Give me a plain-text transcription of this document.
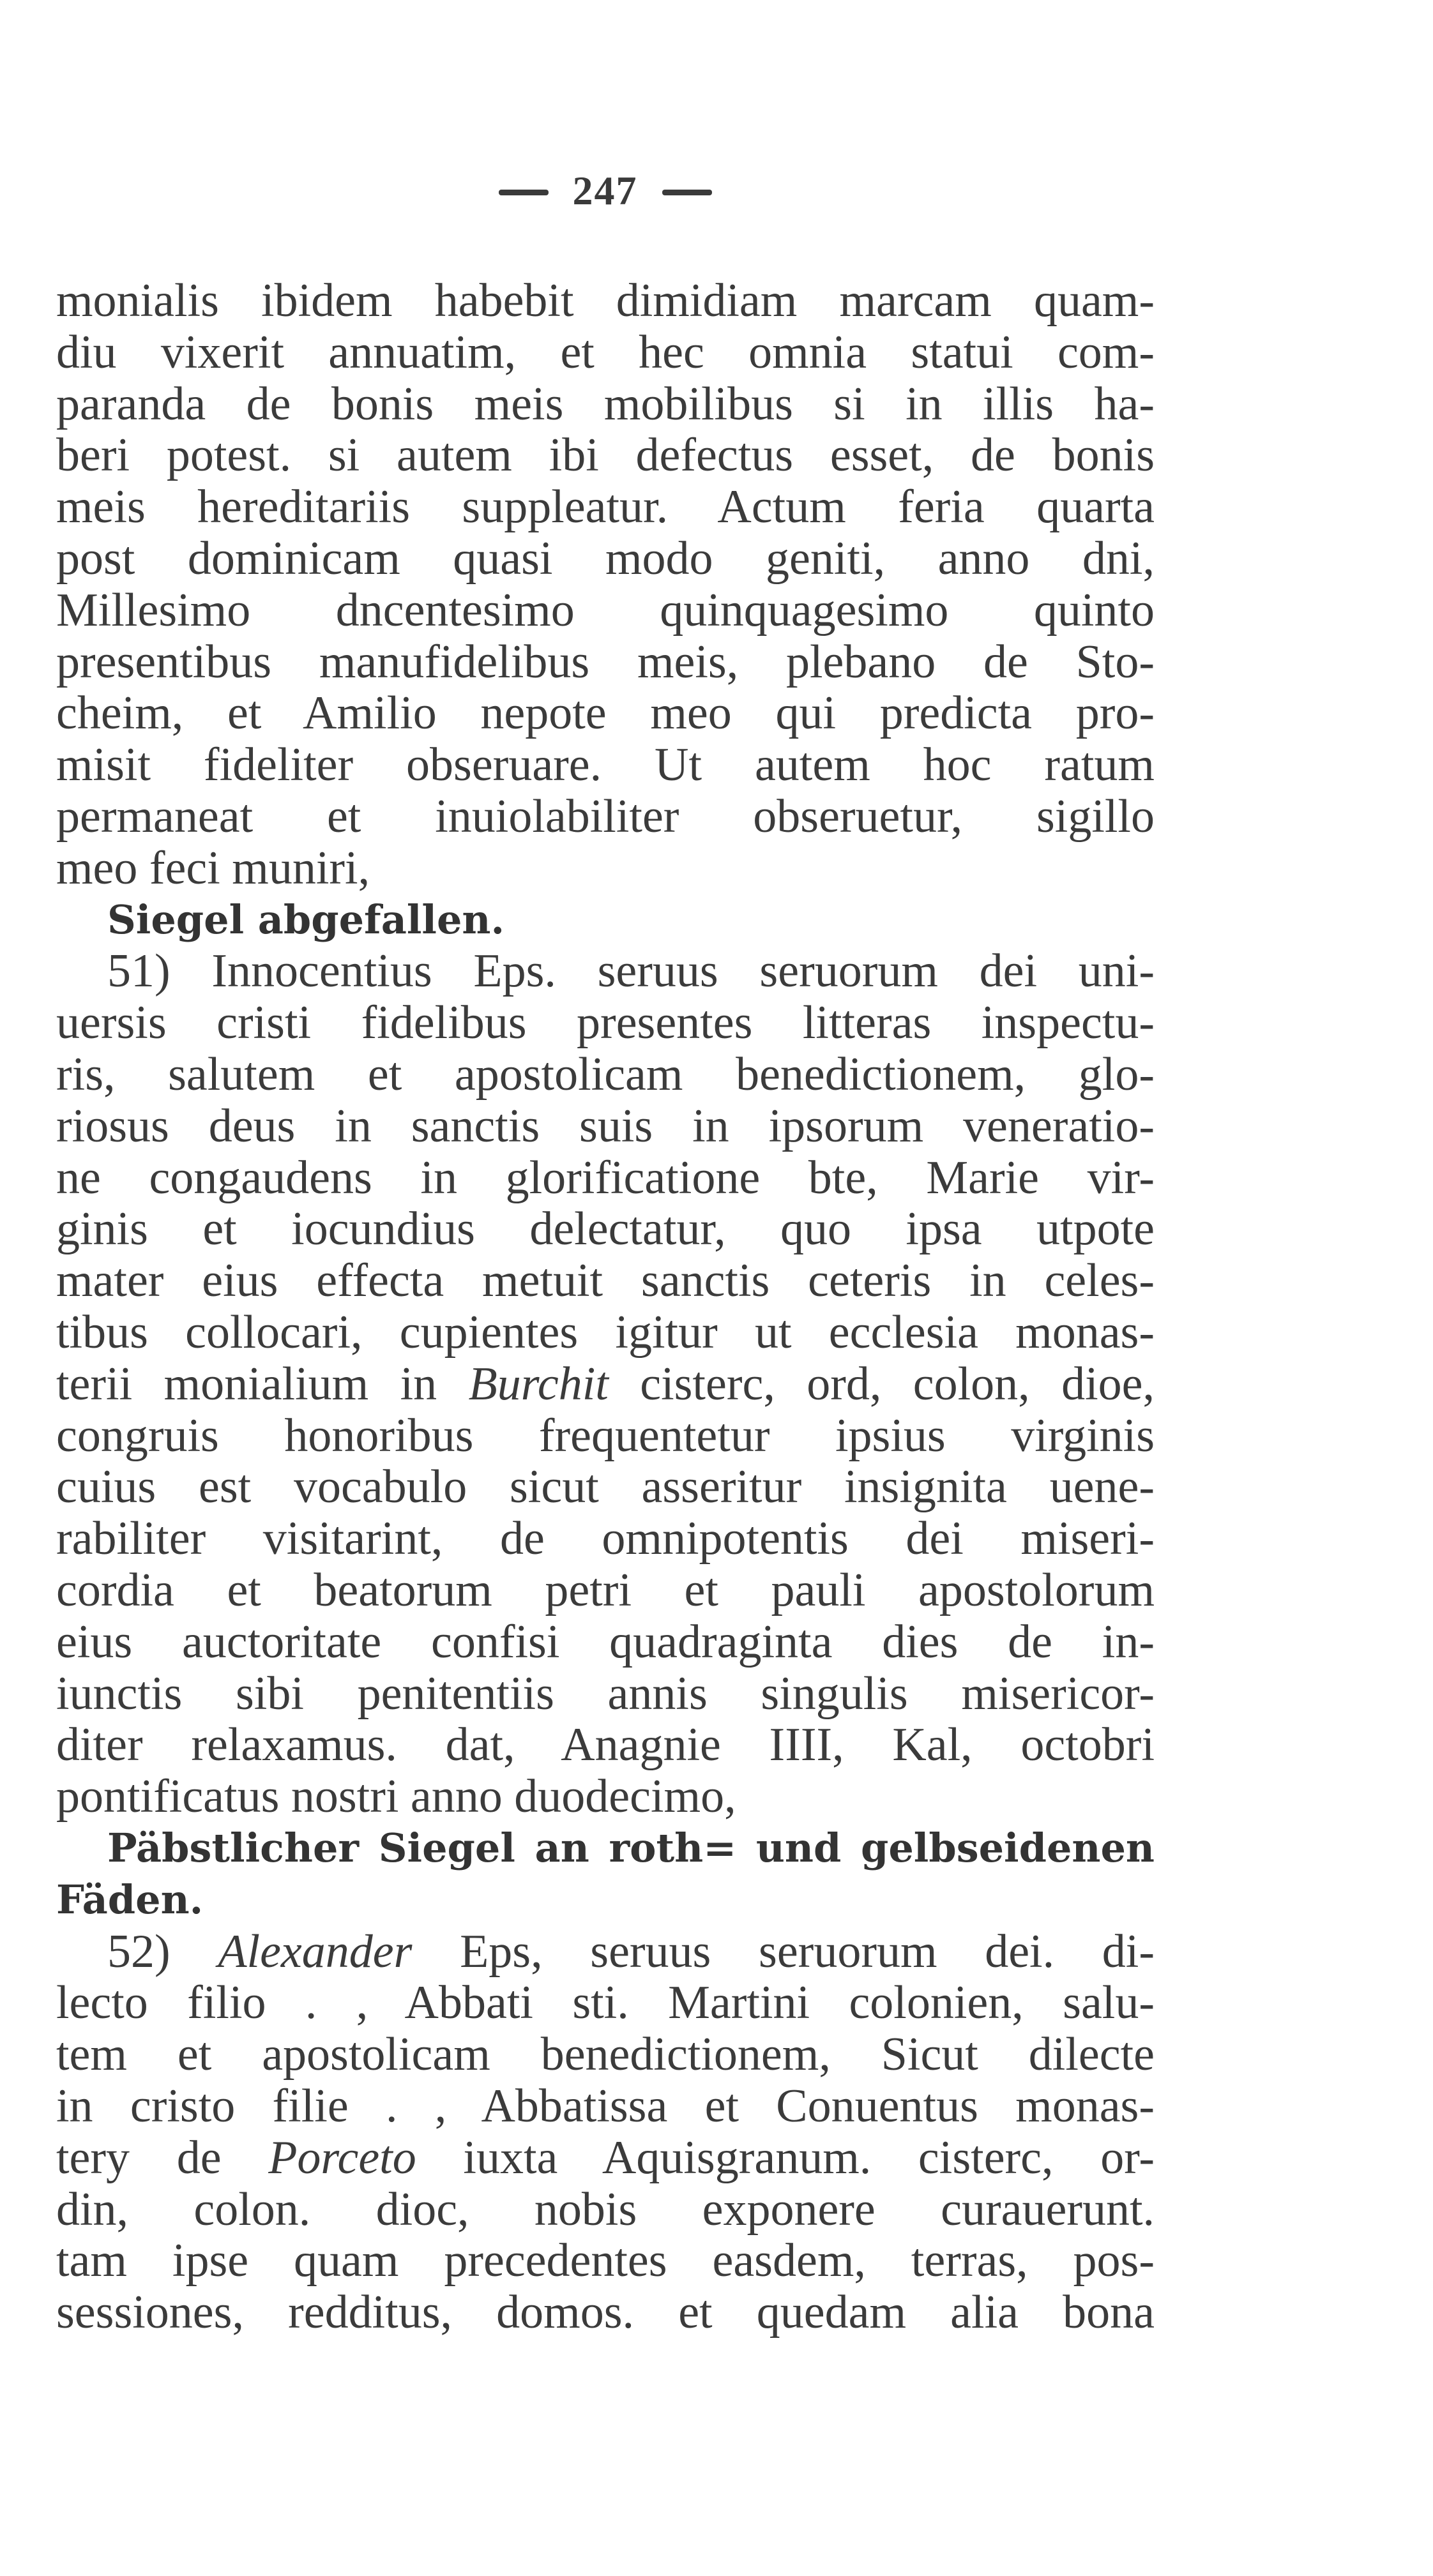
247
monialis ibidem habebit dimidiam marcam quam-
diu vixerit annuatim, et hec omnia statui com-
paranda de bonis meis mobilibus si in illis ha-
beri potest. si autem ibi defectus esset, de bonis
meis hereditariis suppleatur. Actum feria quarta
post dominicam quasi modo geniti, anno dni,
Millesimo dncentesimo quinquagesimo quinto
presentibus manufidelibus meis, plebano de Sto-
cheim, et Amilio nepote meo qui predicta pro-
misit fideliter obseruare. Ut autem hoc ratum
permaneat et inuiolabiliter obseruetur, sigillo
meo feci muniri,
Siegel abgefallen.
51) Innocentius Eps. seruus seruorum dei uni-
uersis cristi fidelibus presentes litteras inspectu-
ris, salutem et apostolicam benedictionem, glo-
riosus deus in sanctis suis in ipsorum veneratio-
ne congaudens in glorificatione bte, Marie vir-
ginis et iocundius delectatur, quo ipsa utpote
mater eius effecta metuit sanctis ceteris in celes-
tibus collocari, cupientes igitur ut ecclesia monas-
terii monialium in Burchit cisterc, ord, colon, dioe,
congruis honoribus frequentetur ipsius virginis
cuius est vocabulo sicut asseritur insignita uene-
rabiliter visitarint, de omnipotentis dei miseri-
cordia et beatorum petri et pauli apostolorum
eius auctoritate confisi quadraginta dies de in-
iunctis sibi penitentiis annis singulis misericor-
diter relaxamus. dat, Anagnie IIII, Kal, octobri
pontificatus nostri anno duodecimo,
Päbstlicher Siegel an roth= und gelbseidenen
Fäden.
52) Alexander Eps, seruus seruorum dei. di-
lecto filio . , Abbati sti. Martini colonien, salu-
tem et apostolicam benedictionem, Sicut dilecte
in cristo filie . , Abbatissa et Conuentus monas-
tery de Porceto iuxta Aquisgranum. cisterc, or-
din, colon. dioc, nobis exponere curauerunt.
tam ipse quam precedentes easdem, terras, pos-
sessiones, redditus, domos. et quedam alia bona
